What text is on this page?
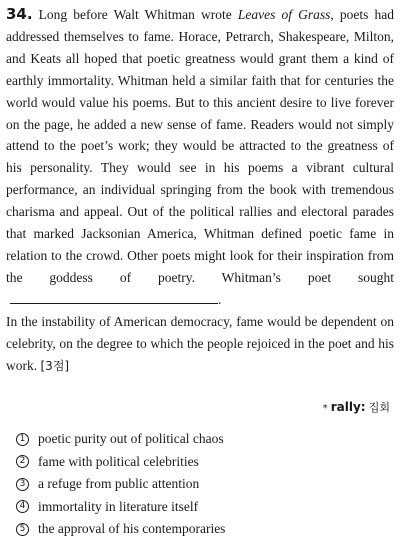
34. Long before Walt Whitman wrote Leaves of Grass, poets had addressed themselves to fame. Horace, Petrarch, Shakespeare, Milton, and Keats all hoped that poetic greatness would grant them a kind of earthly immortality. Whitman held a similar faith that for centuries the world would value his poems. But to this ancient desire to live forever on the page, he added a new sense of fame. Readers would not simply attend to the poet’s work; they would be attracted to the greatness of his personality. They would see in his poems a vibrant cultural performance, an individual springing from the book with tremendous charisma and appeal. Out of the political rallies and electoral parades that marked Jacksonian America, Whitman defined poetic fame in relation to the crowd. Other poets might look for their inspiration from the goddess of poetry. Whitman’s poet sought.
In the instability of American democracy, fame would be dependent on celebrity, on the degree to which the people rejoiced in the poet and his work. [3점]
* rally: 집회
1 poetic purity out of political chaos
2 fame with political celebrities
3 a refuge from public attention
4 immortality in literature itself
5 the approval of his contemporaries
